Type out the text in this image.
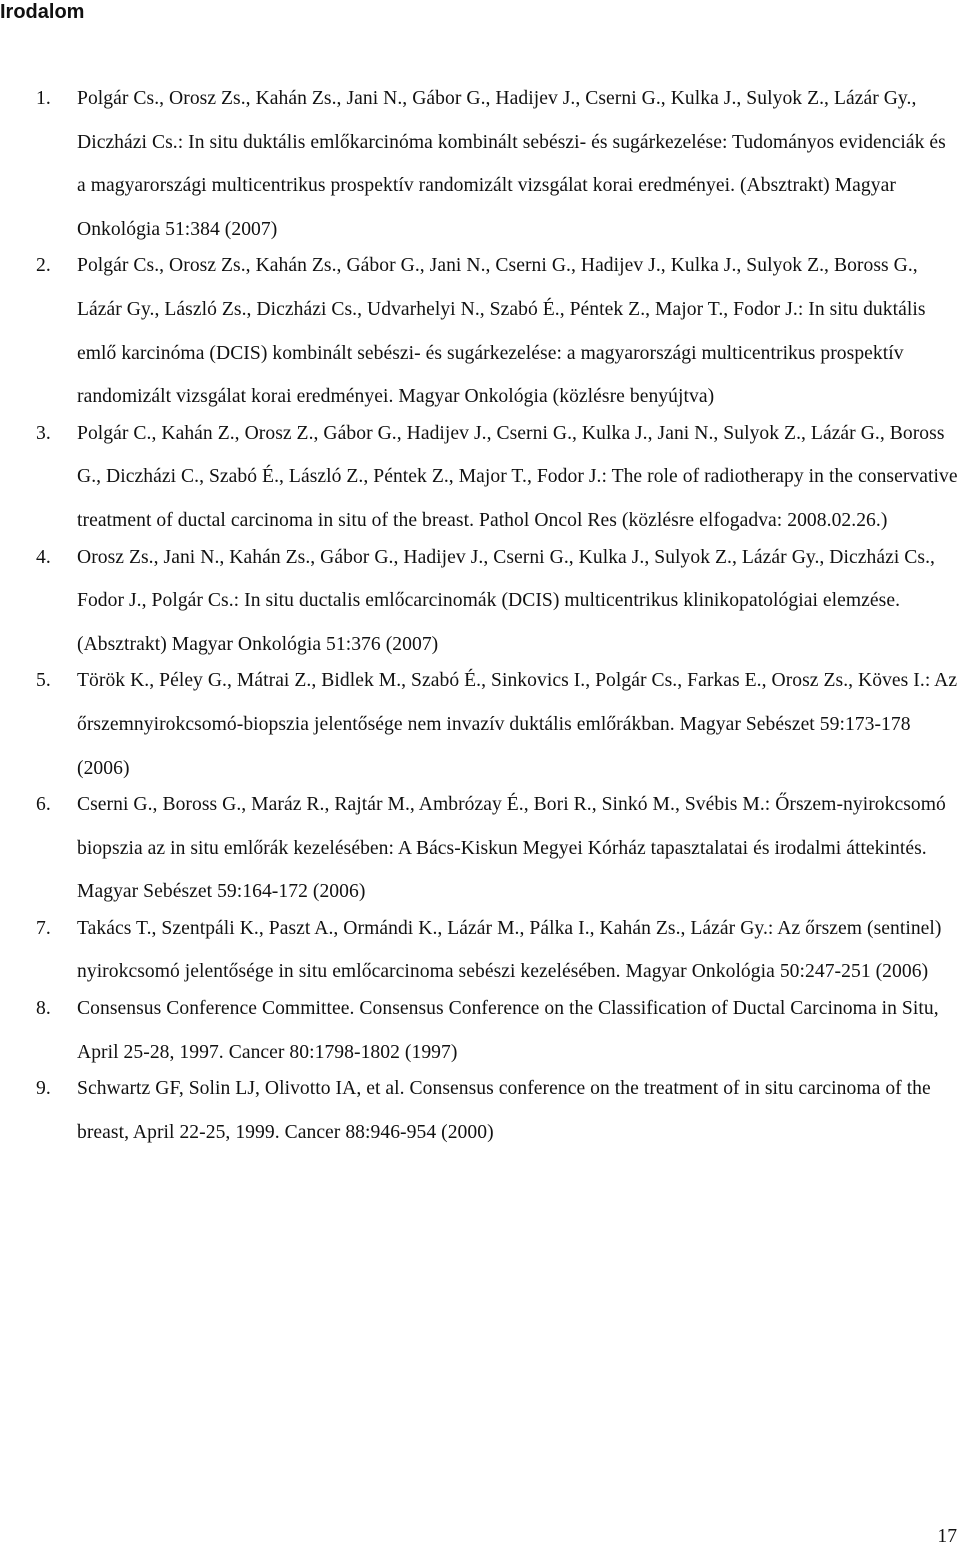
Irodalom
1. Polgár Cs., Orosz Zs., Kahán Zs., Jani N., Gábor G., Hadijev J., Cserni G., Kulka J., Sulyok Z., Lázár Gy., Diczházi Cs.: In situ duktális emlőkarcinóma kombinált sebészi- és sugárkezelése: Tudományos evidenciák és a magyarországi multicentrikus prospektív randomizált vizsgálat korai eredményei. (Absztrakt) Magyar Onkológia 51:384 (2007)
2. Polgár Cs., Orosz Zs., Kahán Zs., Gábor G., Jani N., Cserni G., Hadijev J., Kulka J., Sulyok Z., Boross G., Lázár Gy., László Zs., Diczházi Cs., Udvarhelyi N., Szabó É., Péntek Z., Major T., Fodor J.: In situ duktális emlő karcinóma (DCIS) kombinált sebészi- és sugárkezelése: a magyarországi multicentrikus prospektív randomizált vizsgálat korai eredményei. Magyar Onkológia (közlésre benyújtva)
3. Polgár C., Kahán Z., Orosz Z., Gábor G., Hadijev J., Cserni G., Kulka J., Jani N., Sulyok Z., Lázár G., Boross G., Diczházi C., Szabó É., László Z., Péntek Z., Major T., Fodor J.: The role of radiotherapy in the conservative treatment of ductal carcinoma in situ of the breast. Pathol Oncol Res (közlésre elfogadva: 2008.02.26.)
4. Orosz Zs., Jani N., Kahán Zs., Gábor G., Hadijev J., Cserni G., Kulka J., Sulyok Z., Lázár Gy., Diczházi Cs., Fodor J., Polgár Cs.: In situ ductalis emlőcarcinomák (DCIS) multicentrikus klinikopatológiai elemzése. (Absztrakt) Magyar Onkológia 51:376 (2007)
5. Török K., Péley G., Mátrai Z., Bidlek M., Szabó É., Sinkovics I., Polgár Cs., Farkas E., Orosz Zs., Köves I.: Az őrszemnyirokcsomó-biopszia jelentősége nem invazív duktális emlőrákban. Magyar Sebészet 59:173-178 (2006)
6. Cserni G., Boross G., Maráz R., Rajtár M., Ambrózay É., Bori R., Sinkó M., Svébis M.: Őrszem-nyirokcsomó biopszia az in situ emlőrák kezelésében: A Bács-Kiskun Megyei Kórház tapasztalatai és irodalmi áttekintés. Magyar Sebészet 59:164-172 (2006)
7. Takács T., Szentpáli K., Paszt A., Ormándi K., Lázár M., Pálka I., Kahán Zs., Lázár Gy.: Az őrszem (sentinel) nyirokcsomó jelentősége in situ emlőcarcinoma sebészi kezelésében. Magyar Onkológia 50:247-251 (2006)
8. Consensus Conference Committee. Consensus Conference on the Classification of Ductal Carcinoma in Situ, April 25-28, 1997. Cancer 80:1798-1802 (1997)
9. Schwartz GF, Solin LJ, Olivotto IA, et al. Consensus conference on the treatment of in situ carcinoma of the breast, April 22-25, 1999. Cancer 88:946-954 (2000)
17
